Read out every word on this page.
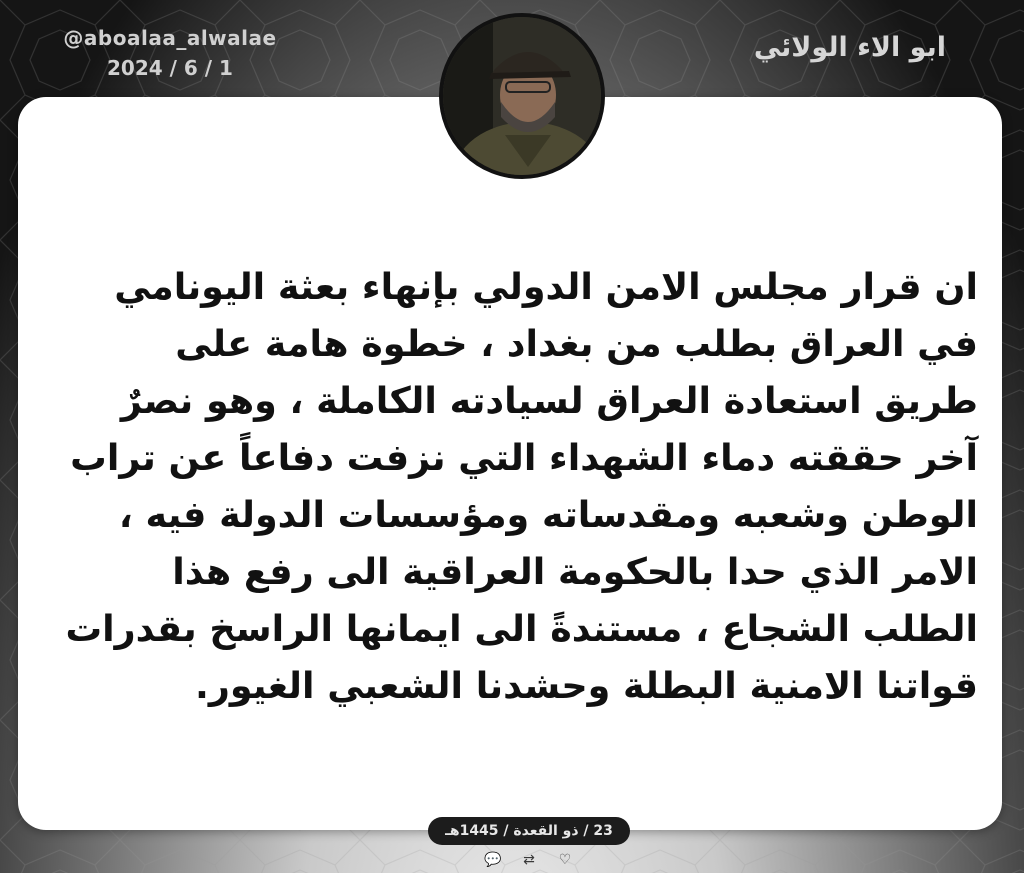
@aboalaa_alwalae
2024 / 6 / 1
ابو الاء الولائي
ان قرار مجلس الامن الدولي بإنهاء بعثة اليونامي
في العراق بطلب من بغداد ، خطوة هامة على
طريق استعادة العراق لسيادته الكاملة ، وهو نصرٌ
آخر حققته دماء الشهداء التي نزفت دفاعاً عن تراب
الوطن وشعبه ومقدساته ومؤسسات الدولة فيه ،
الامر الذي حدا بالحكومة العراقية الى رفع هذا
الطلب الشجاع ، مستندةً الى ايمانها الراسخ بقدرات
قواتنا الامنية البطلة وحشدنا الشعبي الغيور.
23 / ذو القعدة / 1445هـ
💬 ⇄ ♡
